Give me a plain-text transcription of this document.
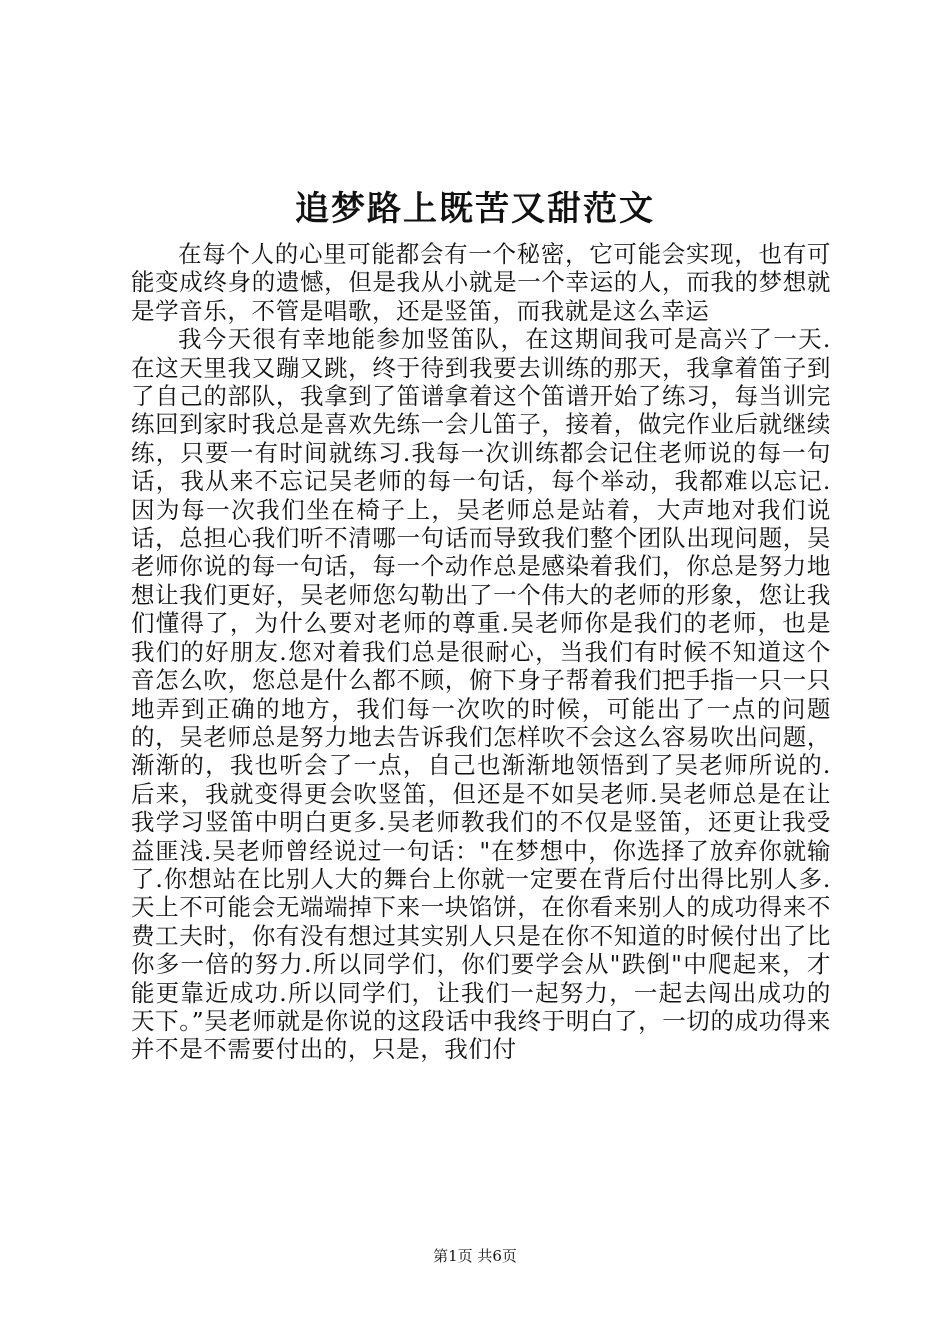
追梦路上既苦又甜范文

在每个人的心里可能都会有一个秘密，它可能会实现，也有可能变成终身的遗憾，但是我从小就是一个幸运的人，而我的梦想就是学音乐，不管是唱歌，还是竖笛，而我就是这么幸运

我今天很有幸地能参加竖笛队，在这期间我可是高兴了一天.在这天里我又蹦又跳，终于待到我要去训练的那天，我拿着笛子到了自己的部队，我拿到了笛谱拿着这个笛谱开始了练习，每当训完练回到家时我总是喜欢先练一会儿笛子，接着，做完作业后就继续练，只要一有时间就练习.我每一次训练都会记住老师说的每一句话，我从来不忘记吴老师的每一句话，每个举动，我都难以忘记.因为每一次我们坐在椅子上，吴老师总是站着，大声地对我们说话，总担心我们听不清哪一句话而导致我们整个团队出现问题，吴老师你说的每一句话，每一个动作总是感染着我们，你总是努力地想让我们更好，吴老师您勾勒出了一个伟大的老师的形象，您让我们懂得了，为什么要对老师的尊重.吴老师你是我们的老师，也是我们的好朋友.您对着我们总是很耐心，当我们有时候不知道这个音怎么吹，您总是什么都不顾，俯下身子帮着我们把手指一只一只地弄到正确的地方，我们每一次吹的时候，可能出了一点的问题的，吴老师总是努力地去告诉我们怎样吹不会这么容易吹出问题，渐渐的，我也听会了一点，自己也渐渐地领悟到了吴老师所说的.后来，我就变得更会吹竖笛，但还是不如吴老师.吴老师总是在让我学习竖笛中明白更多.吴老师教我们的不仅是竖笛，还更让我受益匪浅.吴老师曾经说过一句话："在梦想中，你选择了放弃你就输了.你想站在比别人大的舞台上你就一定要在背后付出得比别人多.天上不可能会无端端掉下来一块馅饼，在你看来别人的成功得来不费工夫时，你有没有想过其实别人只是在你不知道的时候付出了比你多一倍的努力.所以同学们，你们要学会从"跌倒"中爬起来，才能更靠近成功.所以同学们，让我们一起努力，一起去闯出成功的天下。”吴老师就是你说的这段话中我终于明白了，一切的成功得来并不是不需要付出的，只是，我们付

第1页 共6页
